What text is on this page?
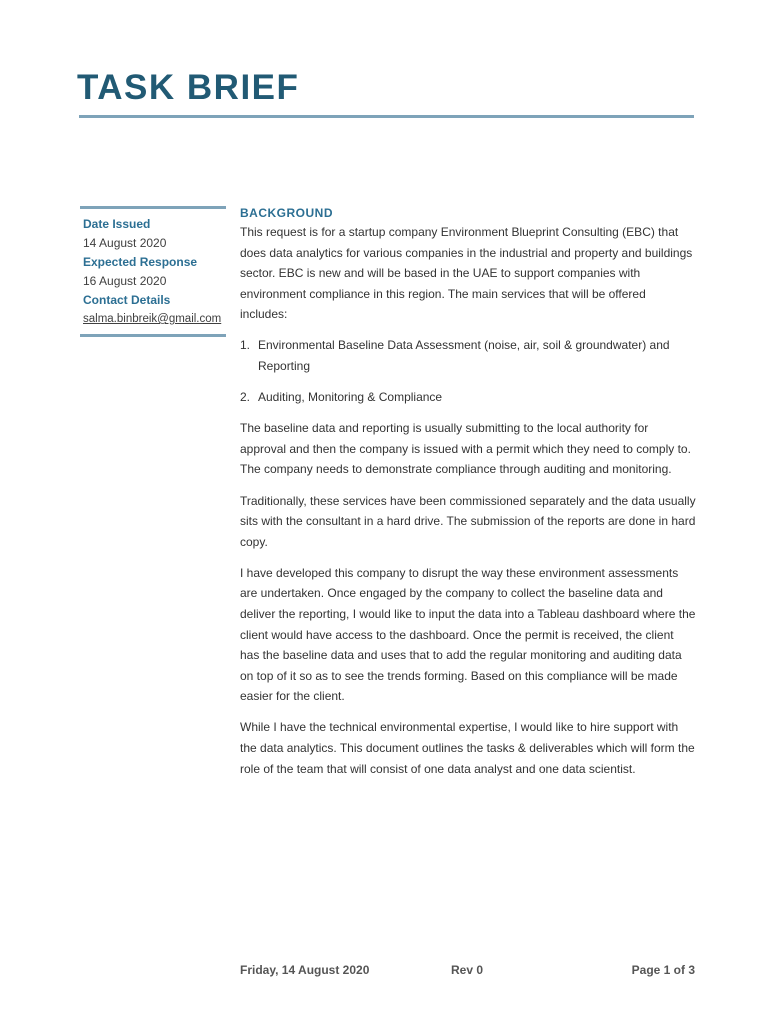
TASK BRIEF
Date Issued
14 August 2020
Expected Response
16 August 2020
Contact Details
salma.binbreik@gmail.com
BACKGROUND

This request is for a startup company Environment Blueprint Consulting (EBC) that does data analytics for various companies in the industrial and property and buildings sector. EBC is new and will be based in the UAE to support companies with environment compliance in this region. The main services that will be offered includes:

1. Environmental Baseline Data Assessment (noise, air, soil & groundwater) and Reporting
2. Auditing, Monitoring & Compliance

The baseline data and reporting is usually submitting to the local authority for approval and then the company is issued with a permit which they need to comply to. The company needs to demonstrate compliance through auditing and monitoring.

Traditionally, these services have been commissioned separately and the data usually sits with the consultant in a hard drive. The submission of the reports are done in hard copy.

I have developed this company to disrupt the way these environment assessments are undertaken. Once engaged by the company to collect the baseline data and deliver the reporting, I would like to input the data into a Tableau dashboard where the client would have access to the dashboard. Once the permit is received, the client has the baseline data and uses that to add the regular monitoring and auditing data on top of it so as to see the trends forming. Based on this compliance will be made easier for the client.

While I have the technical environmental expertise, I would like to hire support with the data analytics. This document outlines the tasks & deliverables which will form the role of the team that will consist of one data analyst and one data scientist.

Friday, 14 August 2020	Rev 0	Page 1 of 3
